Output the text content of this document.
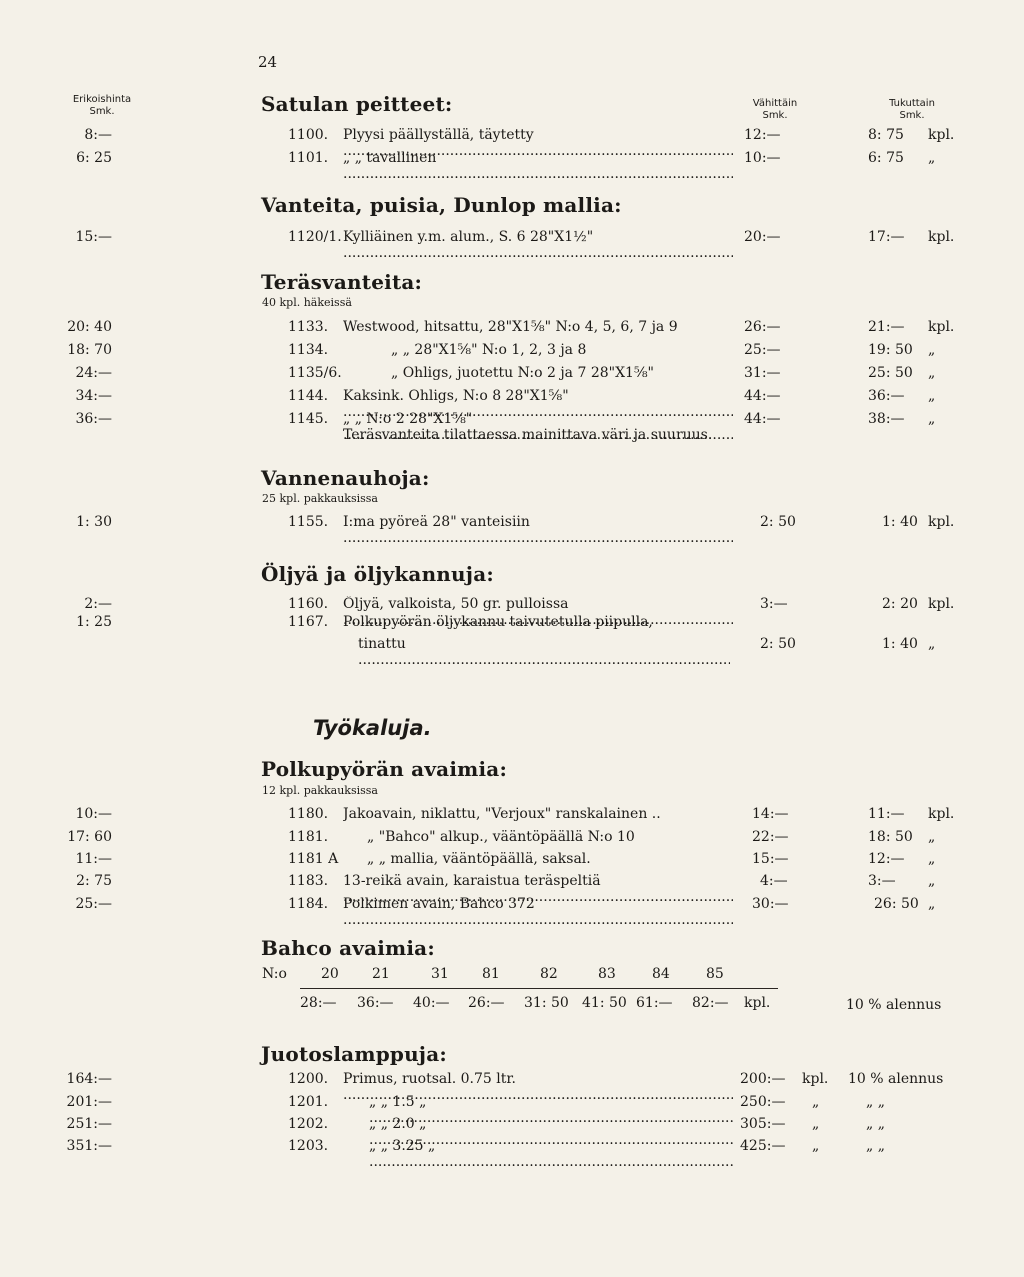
24
Erikoishinta
Smk.
Vähittäin
Smk.
Tukuttain
Smk.
Satulan peitteet:
8:—	1100. Plyysi päällyställä, täytetty .....	12:—	8: 75 kpl.
6: 25	1101. „ „ tavallinen .....	10:—	6: 75 „
Vanteita, puisia, Dunlop mallia:
15:—	1120/1. Kylliäinen y.m. alum., S. 6 28"X1½" .....	20:—	17:— kpl.
Teräsvanteita:
40 kpl. häkeissä
20: 40	1133. Westwood, hitsattu, 28"X1⅝" N:o 4, 5, 6, 7 ja 9	26:—	21:— kpl.
18: 70	1134.	„ „ 28"X1⅝" N:o 1, 2, 3 ja 8	25:—	19: 50 „
24:—	1135/6.	„ Ohligs, juotettu N:o 2 ja 7 28"X1⅝"	31:—	25: 50 „
34:—	1144. Kaksink. Ohligs, N:o 8 28"X1⅝" .....	44:—	36:— „
36:—	1145. „ „ N:o 2 28"X1⅝" .....	44:—	38:— „
Teräsvanteita tilattaessa mainittava väri ja suuruus.
Vannenauhoja:
25 kpl. pakkauksissa
1: 30	1155. I:ma pyöreä 28" vanteisiin .....	2: 50	1: 40 kpl.
Öljyä ja öljykannuja:
2:—	1160. Öljyä, valkoista, 50 gr. pulloissa .....	3:—	2: 20 kpl.
1: 25	1167. Polkupyörän öljykannu taivutetulla piipulla,
tinattu .....	2: 50	1: 40 „
Työkaluja.
Polkupyörän avaimia:
12 kpl. pakkauksissa
10:—	1180. Jakoavain, niklattu, "Verjoux" ranskalainen ..	14:—	11:— kpl.
17: 60	1181.	„ "Bahco" alkup., vääntöpäällä N:o 10	22:—	18: 50 „
11:—	1181 A	„ „ mallia, vääntöpäällä, saksal.	15:—	12:— „
2: 75	1183. 13-reikä avain, karaistua teräspeltiä .....	4:—	3:— „
25:—	1184. Polkimen avain, Bahco 372 .....	30:—	26: 50 „
Bahco avaimia:
N:o 20 21	31 81	82	83	84	85
28:— 36:— 40:— 26:— 31: 50 41: 50 61:— 82:— kpl.	10 % alennus
Juotoslamppuja:
164:—	1200. Primus, ruotsal. 0.75 ltr. .....	200:— kpl. 10 % alennus
201:—	1201.	„ „ 1.5 „ .....	250:— „	„ „
251:—	1202.	„ „ 2.0 „ .....	305:— „	„ „
351:—	1203.	„ „ 3.25 „ .....	425:— „	„ „
